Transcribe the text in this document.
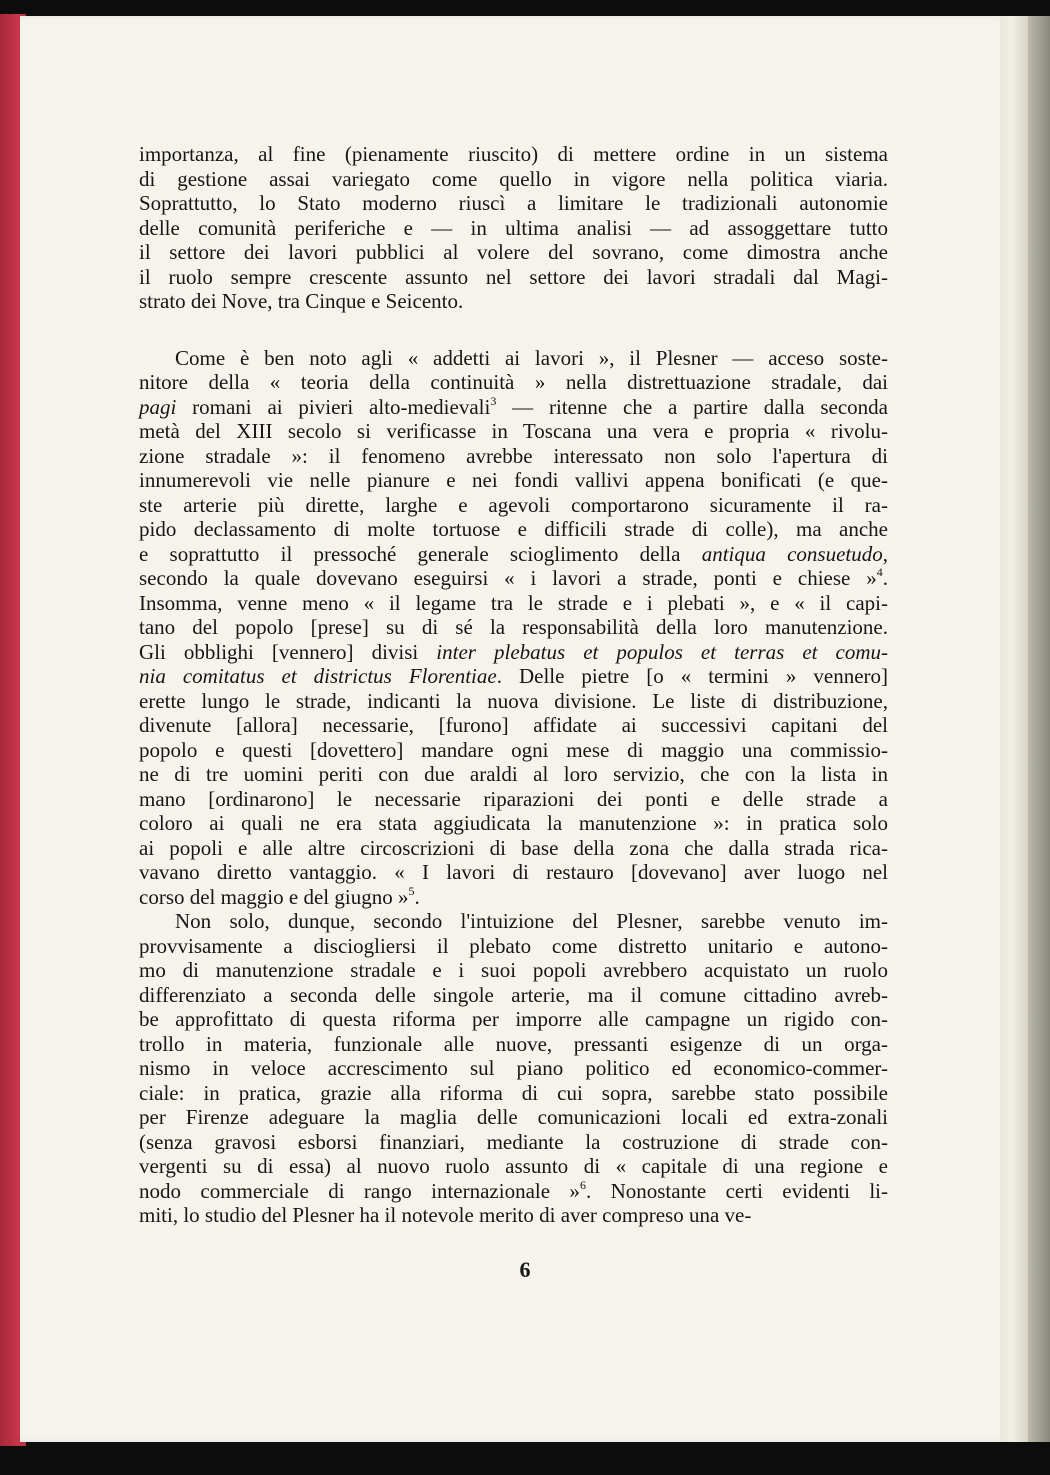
importanza, al fine (pienamente riuscito) di mettere ordine in un sistema
di gestione assai variegato come quello in vigore nella politica viaria.
Soprattutto, lo Stato moderno riuscì a limitare le tradizionali autonomie
delle comunità periferiche e — in ultima analisi — ad assoggettare tutto
il settore dei lavori pubblici al volere del sovrano, come dimostra anche
il ruolo sempre crescente assunto nel settore dei lavori stradali dal Magi-
strato dei Nove, tra Cinque e Seicento.
Come è ben noto agli « addetti ai lavori », il Plesner — acceso soste-
nitore della « teoria della continuità » nella distrettuazione stradale, dai
pagi romani ai pivieri alto-medievali$^3$ — ritenne che a partire dalla seconda
metà del XIII secolo si verificasse in Toscana una vera e propria « rivolu-
zione stradale »: il fenomeno avrebbe interessato non solo l'apertura di
innumerevoli vie nelle pianure e nei fondi vallivi appena bonificati (e que-
ste arterie più dirette, larghe e agevoli comportarono sicuramente il ra-
pido declassamento di molte tortuose e difficili strade di colle), ma anche
e soprattutto il pressoché generale scioglimento della antiqua consuetudo,
secondo la quale dovevano eseguirsi « i lavori a strade, ponti e chiese »$^4$.
Insomma, venne meno « il legame tra le strade e i plebati », e « il capi-
tano del popolo [prese] su di sé la responsabilità della loro manutenzione.
Gli obblighi [vennero] divisi inter plebatus et populos et terras et comu-
nia comitatus et districtus Florentiae. Delle pietre [o « termini » vennero]
erette lungo le strade, indicanti la nuova divisione. Le liste di distribuzione,
divenute [allora] necessarie, [furono] affidate ai successivi capitani del
popolo e questi [dovettero] mandare ogni mese di maggio una commissio-
ne di tre uomini periti con due araldi al loro servizio, che con la lista in
mano [ordinarono] le necessarie riparazioni dei ponti e delle strade a
coloro ai quali ne era stata aggiudicata la manutenzione »: in pratica solo
ai popoli e alle altre circoscrizioni di base della zona che dalla strada rica-
vavano diretto vantaggio. « I lavori di restauro [dovevano] aver luogo nel
corso del maggio e del giugno »$^5$.
Non solo, dunque, secondo l'intuizione del Plesner, sarebbe venuto im-
provvisamente a disciogliersi il plebato come distretto unitario e autono-
mo di manutenzione stradale e i suoi popoli avrebbero acquistato un ruolo
differenziato a seconda delle singole arterie, ma il comune cittadino avreb-
be approfittato di questa riforma per imporre alle campagne un rigido con-
trollo in materia, funzionale alle nuove, pressanti esigenze di un orga-
nismo in veloce accrescimento sul piano politico ed economico-commer-
ciale: in pratica, grazie alla riforma di cui sopra, sarebbe stato possibile
per Firenze adeguare la maglia delle comunicazioni locali ed extra-zonali
(senza gravosi esborsi finanziari, mediante la costruzione di strade con-
vergenti su di essa) al nuovo ruolo assunto di « capitale di una regione e
nodo commerciale di rango internazionale »$^6$. Nonostante certi evidenti li-
miti, lo studio del Plesner ha il notevole merito di aver compreso una ve-
6
